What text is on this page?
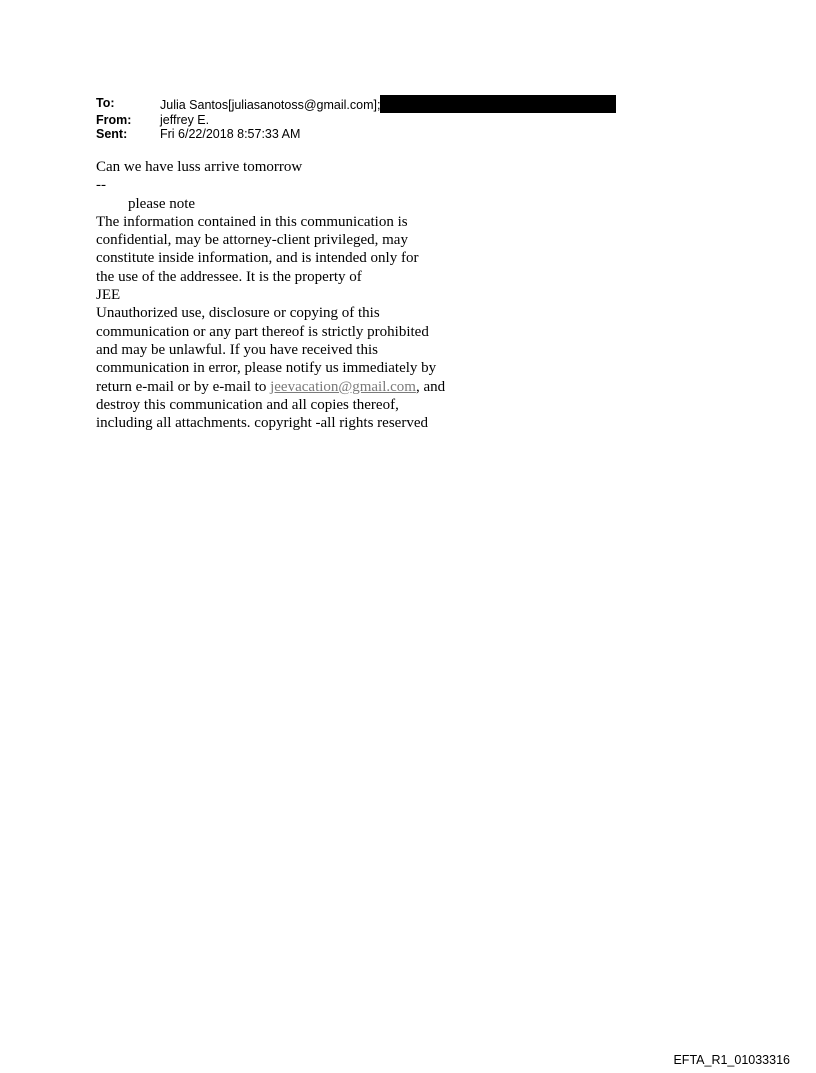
To:	Julia Santos[juliasanotoss@gmail.com];
From:	jeffrey E.
Sent:	Fri 6/22/2018 8:57:33 AM

Can we have luss arrive tomorrow

--

please note

The information contained in this communication is

confidential, may be attorney-client privileged, may

constitute inside information, and is intended only for

the use of the addressee. It is the property of

JEE

Unauthorized use, disclosure or copying of this

communication or any part thereof is strictly prohibited

and may be unlawful. If you have received this

communication in error, please notify us immediately by

return e-mail or by e-mail to jeevacation@gmail.com, and

destroy this communication and all copies thereof,

including all attachments. copyright -all rights reserved

EFTA_R1_01033316
